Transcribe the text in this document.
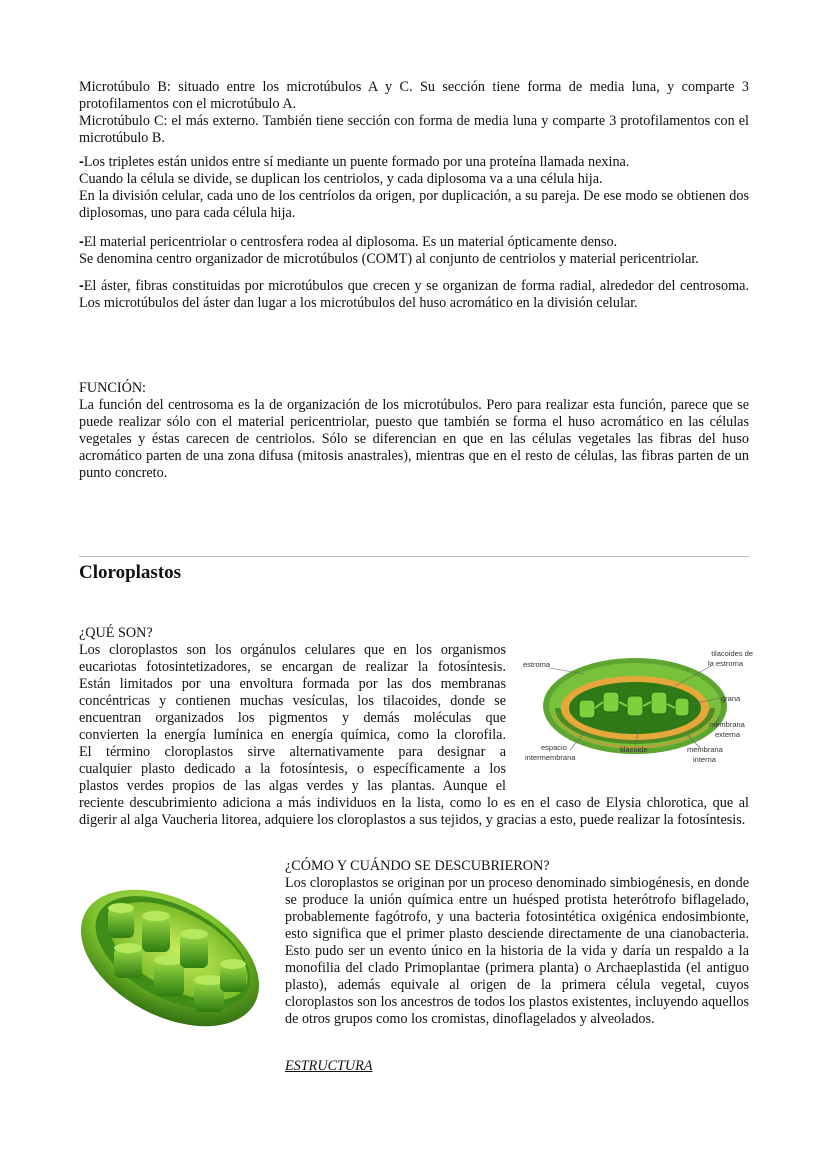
Microtúbulo B: situado entre los microtúbulos A y C. Su sección tiene forma de media luna, y comparte 3 protofilamentos con el microtúbulo A.

Microtúbulo C: el más externo. También tiene sección con forma de media luna y comparte 3 protofilamentos con el microtúbulo B.

-Los tripletes están unidos entre sí mediante un puente formado por una proteína llamada nexina.

Cuando la célula se divide, se duplican los centriolos, y cada diplosoma va a una célula hija.

En la división celular, cada uno de los centríolos da origen, por duplicación, a su pareja. De ese modo se obtienen dos diplosomas, uno para cada célula hija.

-El material pericentriolar o centrosfera rodea al diplosoma. Es un material ópticamente denso.

Se denomina centro organizador de microtúbulos (COMT) al conjunto de centriolos y material pericentriolar.

-El áster, fibras constituidas por microtúbulos que crecen y se organizan de forma radial, alrededor del centrosoma. Los microtúbulos del áster dan lugar a los microtúbulos del huso acromático en la división celular.

FUNCIÓN:

La función del centrosoma es la de organización de los microtúbulos. Pero para realizar esta función, parece que se puede realizar sólo con el material pericentriolar, puesto que también se forma el huso acromático en las células vegetales y éstas carecen de centriolos. Sólo se diferencian en que en las células vegetales las fibras del huso acromático parten de una zona difusa (mitosis anastrales), mientras que en el resto de células, las fibras parten de un punto concreto.

Cloroplastos

¿QUÉ SON?

Los cloroplastos son los orgánulos celulares que en los organismos

eucariotas fotosintetizadores, se encargan de realizar la fotosíntesis.

Están limitados por una envoltura formada por las dos membranas

concéntricas y contienen muchas vesículas, los tilacoides, donde se

encuentran organizados los pigmentos y demás moléculas que

convierten la energía lumínica en energía química, como la clorofila.

El término cloroplastos sirve alternativamente para designar a

cualquier plasto dedicado a la fotosíntesis, o específicamente a los

plastos verdes propios de las algas verdes y las plantas. Aunque el

reciente descubrimiento adiciona a más individuos en la lista, como lo es en el caso de Elysia chlorotica, que al digerir al alga Vaucheria litorea, adquiere los cloroplastos a sus tejidos, y gracias a esto, puede realizar la fotosíntesis.

estroma
tilacoides de
la estroma
grana
membrana
externa
espacio
intermembrana
tilacoide	membrana
interna

¿CÓMO Y CUÁNDO SE DESCUBRIERON?

Los cloroplastos se originan por un proceso denominado simbiogénesis, en donde se produce la unión química entre un huésped protista heterótrofo biflagelado, probablemente fagótrofo, y una bacteria fotosintética oxigénica endosimbionte, esto significa que el primer plasto desciende directamente de una cianobacteria. Esto pudo ser un evento único en la historia de la vida y daría un respaldo a la monofilia del clado Primoplantae (primera planta) o Archaeplastida (el antiguo plasto), además equivale al origen de la primera célula vegetal, cuyos cloroplastos son los ancestros de todos los plastos existentes, incluyendo aquellos de otros grupos como los cromistas, dinoflagelados y alveolados.

ESTRUCTURA
